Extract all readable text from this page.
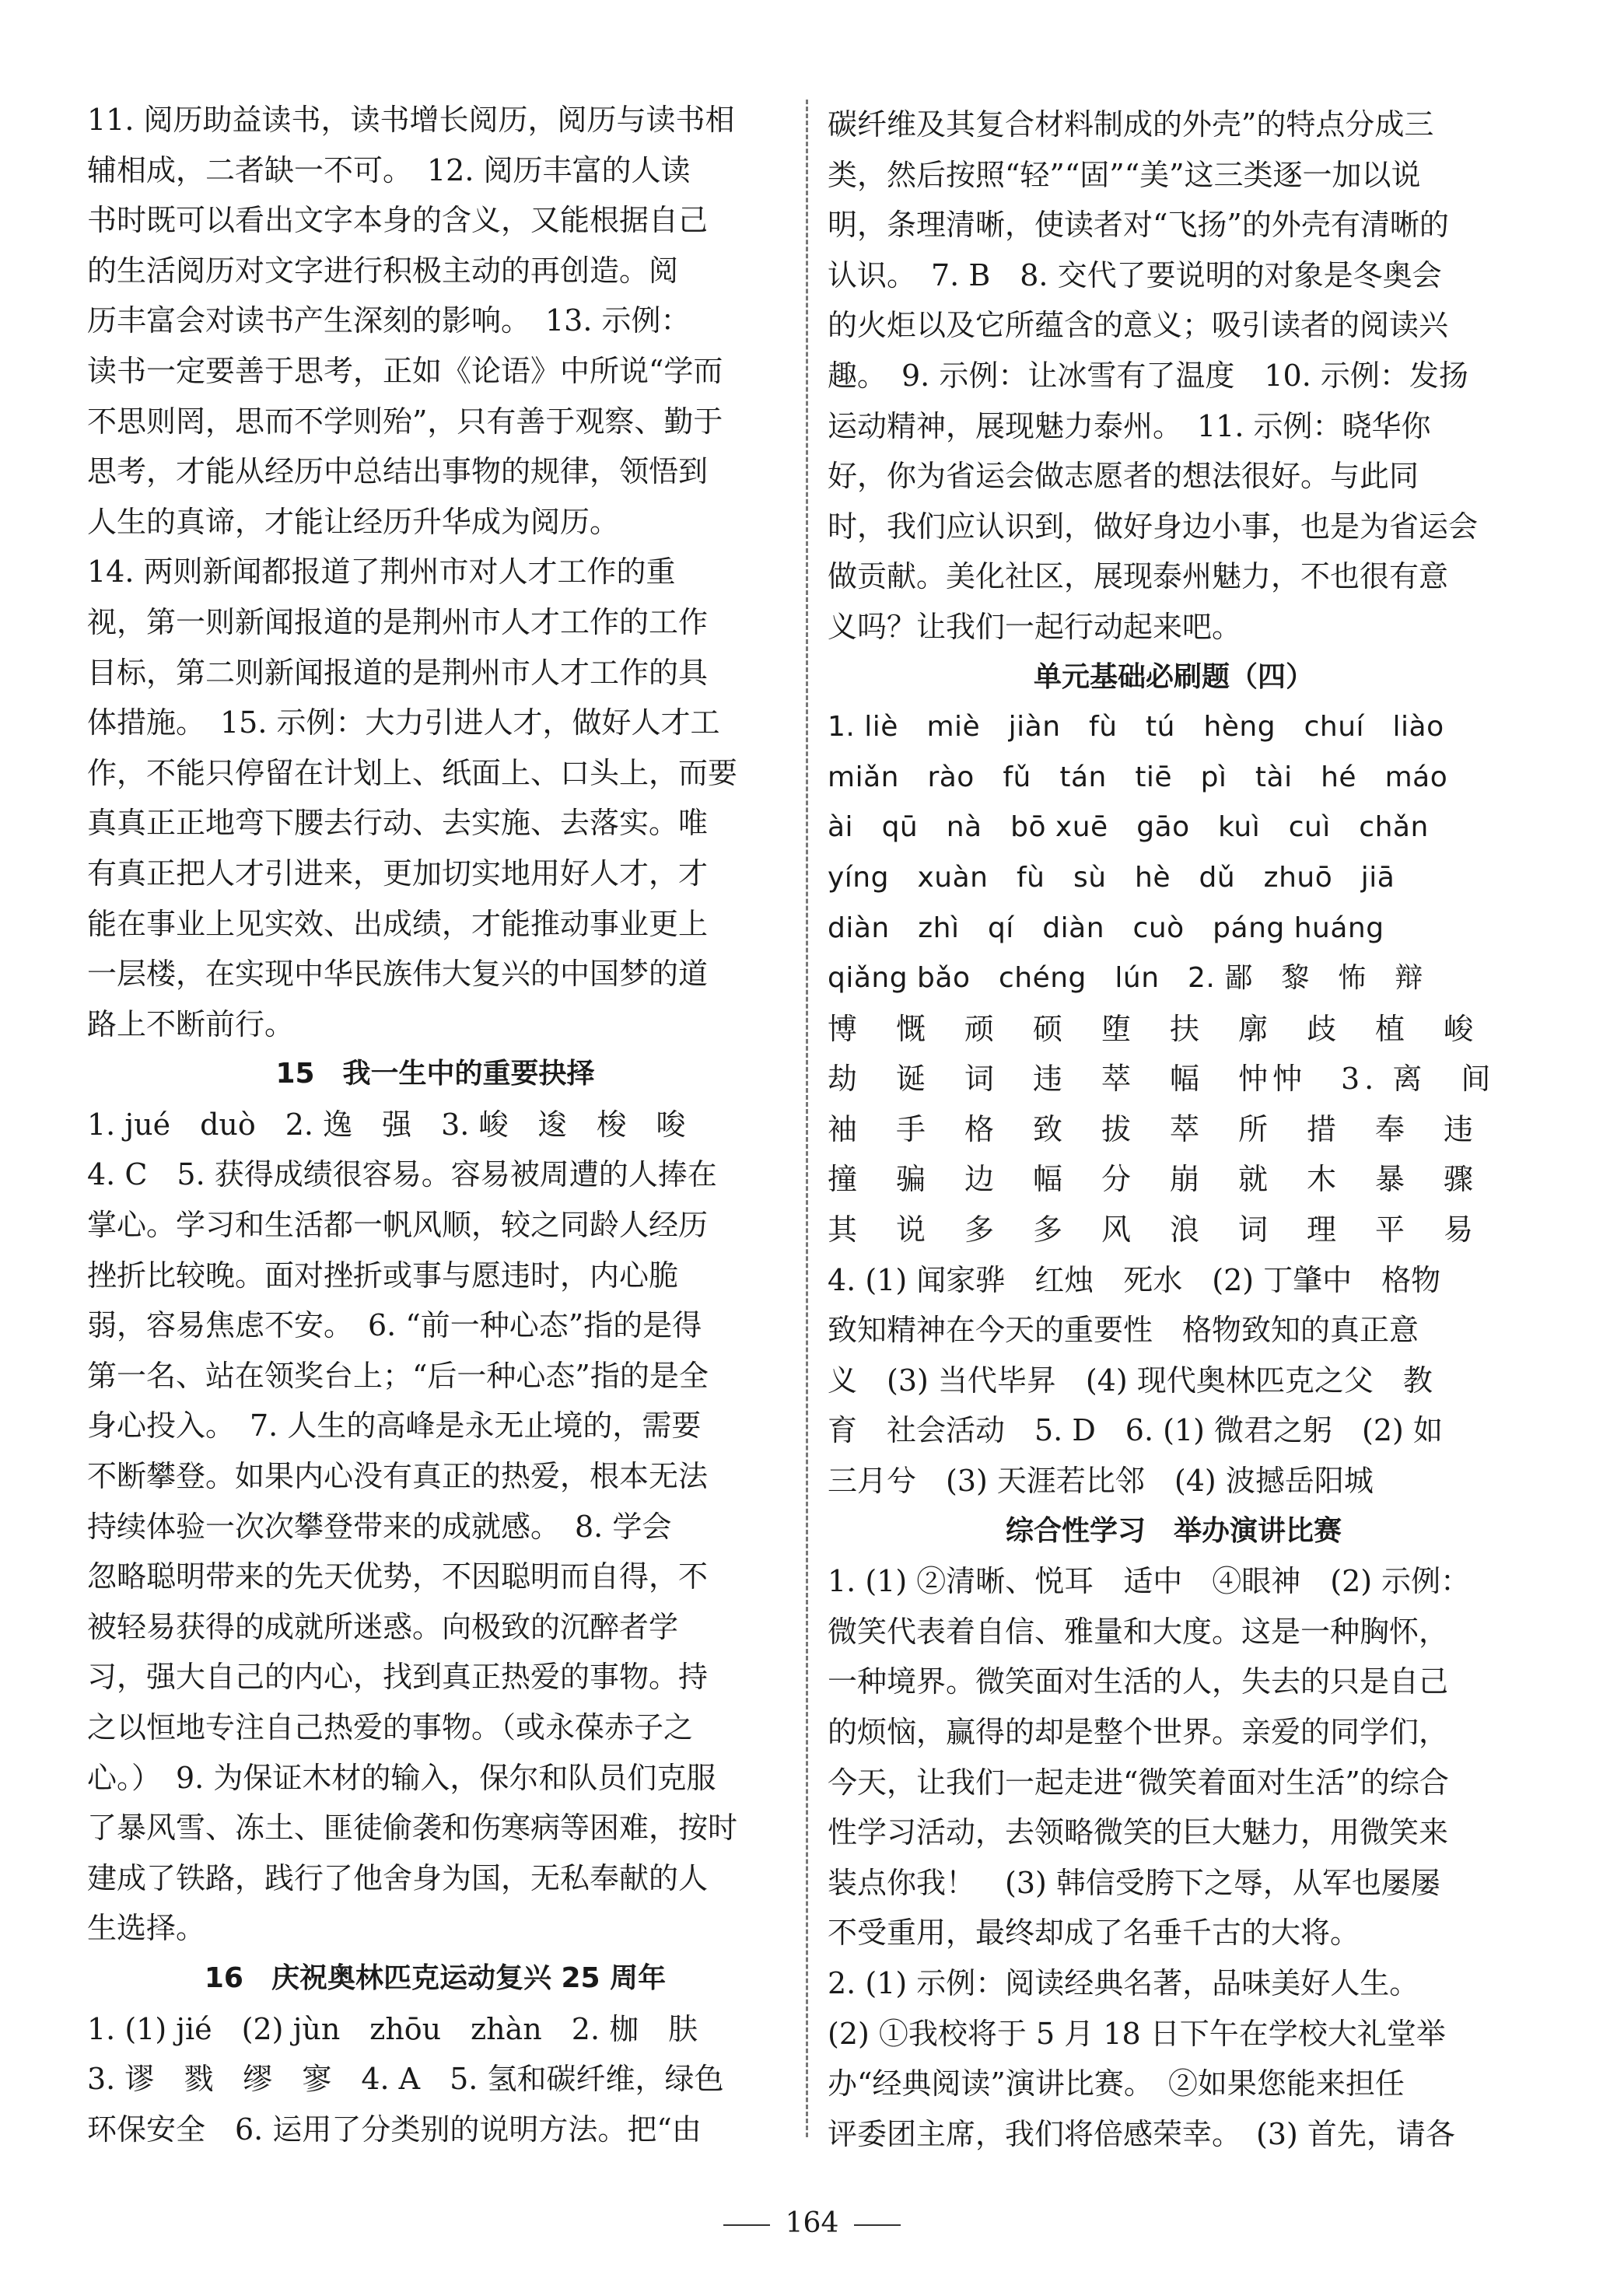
11. 阅历助益读书，读书增长阅历，阅历与读书相
辅相成，二者缺一不可。　12. 阅历丰富的人读
书时既可以看出文字本身的含义，又能根据自己
的生活阅历对文字进行积极主动的再创造。阅
历丰富会对读书产生深刻的影响。　13. 示例：
读书一定要善于思考，正如《论语》中所说“学而
不思则罔，思而不学则殆”，只有善于观察、勤于
思考，才能从经历中总结出事物的规律，领悟到
人生的真谛，才能让经历升华成为阅历。
14. 两则新闻都报道了荆州市对人才工作的重
视，第一则新闻报道的是荆州市人才工作的工作
目标，第二则新闻报道的是荆州市人才工作的具
体措施。　15. 示例：大力引进人才，做好人才工
作，不能只停留在计划上、纸面上、口头上，而要
真真正正地弯下腰去行动、去实施、去落实。唯
有真正把人才引进来，更加切实地用好人才，才
能在事业上见实效、出成绩，才能推动事业更上
一层楼，在实现中华民族伟大复兴的中国梦的道
路上不断前行。
15　我一生中的重要抉择
1. jué　duò　2. 逸　强　3. 峻　逡　梭　唆
4. C　5. 获得成绩很容易。容易被周遭的人捧在
掌心。学习和生活都一帆风顺，较之同龄人经历
挫折比较晚。面对挫折或事与愿违时，内心脆
弱，容易焦虑不安。　6. “前一种心态”指的是得
第一名、站在领奖台上；“后一种心态”指的是全
身心投入。　7. 人生的高峰是永无止境的，需要
不断攀登。如果内心没有真正的热爱，根本无法
持续体验一次次攀登带来的成就感。　8. 学会
忽略聪明带来的先天优势，不因聪明而自得，不
被轻易获得的成就所迷惑。向极致的沉醉者学
习，强大自己的内心，找到真正热爱的事物。持
之以恒地专注自己热爱的事物。（或永葆赤子之
心。）　9. 为保证木材的输入，保尔和队员们克服
了暴风雪、冻土、匪徒偷袭和伤寒病等困难，按时
建成了铁路，践行了他舍身为国，无私奉献的人
生选择。
16　庆祝奥林匹克运动复兴 25 周年
1. (1) jié　(2) jùn　zhōu　zhàn　2. 枷　肤
3. 谬　戮　缪　寥　4. A　5. 氢和碳纤维，绿色
环保安全　6. 运用了分类别的说明方法。把“由
碳纤维及其复合材料制成的外壳”的特点分成三
类，然后按照“轻”“固”“美”这三类逐一加以说
明，条理清晰，使读者对“飞扬”的外壳有清晰的
认识。　7. B　8. 交代了要说明的对象是冬奥会
的火炬以及它所蕴含的意义；吸引读者的阅读兴
趣。　9. 示例：让冰雪有了温度　10. 示例：发扬
运动精神，展现魅力泰州。　11. 示例：晓华你
好，你为省运会做志愿者的想法很好。与此同
时，我们应认识到，做好身边小事，也是为省运会
做贡献。美化社区，展现泰州魅力，不也很有意
义吗？让我们一起行动起来吧。
单元基础必刷题（四）
1. liè　miè　jiàn　fù　tú　hèng　chuí　liào
miǎn　rào　fǔ　tán　tiē　pì　tài　hé　máo
ài　qū　nà　bō xuē　gāo　kuì　cuì　chǎn
yíng　xuàn　fù　sù　hè　dǔ　zhuō　jiā
diàn　zhì　qí　diàn　cuò　páng huáng
qiǎng bǎo　chéng　lún　2. 鄙　黎　怖　辩
博　慨　顽　硕　堕　扶　廓　歧　植　峻
劫　诞　词　违　萃　幅　忡忡　3. 离　间
袖　手　格　致　拔　萃　所　措　奉　违
撞　骗　边　幅　分　崩　就　木　暴　骤
其　说　多　多　风　浪　词　理　平　易
4. (1) 闻家骅　红烛　死水　(2) 丁肇中　格物
致知精神在今天的重要性　格物致知的真正意
义　(3) 当代毕昇　(4) 现代奥林匹克之父　教
育　社会活动　5. D　6. (1) 微君之躬　(2) 如
三月兮　(3) 天涯若比邻　(4) 波撼岳阳城
综合性学习　举办演讲比赛
1. (1) ②清晰、悦耳　适中　④眼神　(2) 示例：
微笑代表着自信、雅量和大度。这是一种胸怀，
一种境界。微笑面对生活的人，失去的只是自己
的烦恼，赢得的却是整个世界。亲爱的同学们，
今天，让我们一起走进“微笑着面对生活”的综合
性学习活动，去领略微笑的巨大魅力，用微笑来
装点你我！　(3) 韩信受胯下之辱，从军也屡屡
不受重用，最终却成了名垂千古的大将。
2. (1) 示例：阅读经典名著，品味美好人生。
(2) ①我校将于 5 月 18 日下午在学校大礼堂举
办“经典阅读”演讲比赛。　②如果您能来担任
评委团主席，我们将倍感荣幸。　(3) 首先，请各
164
